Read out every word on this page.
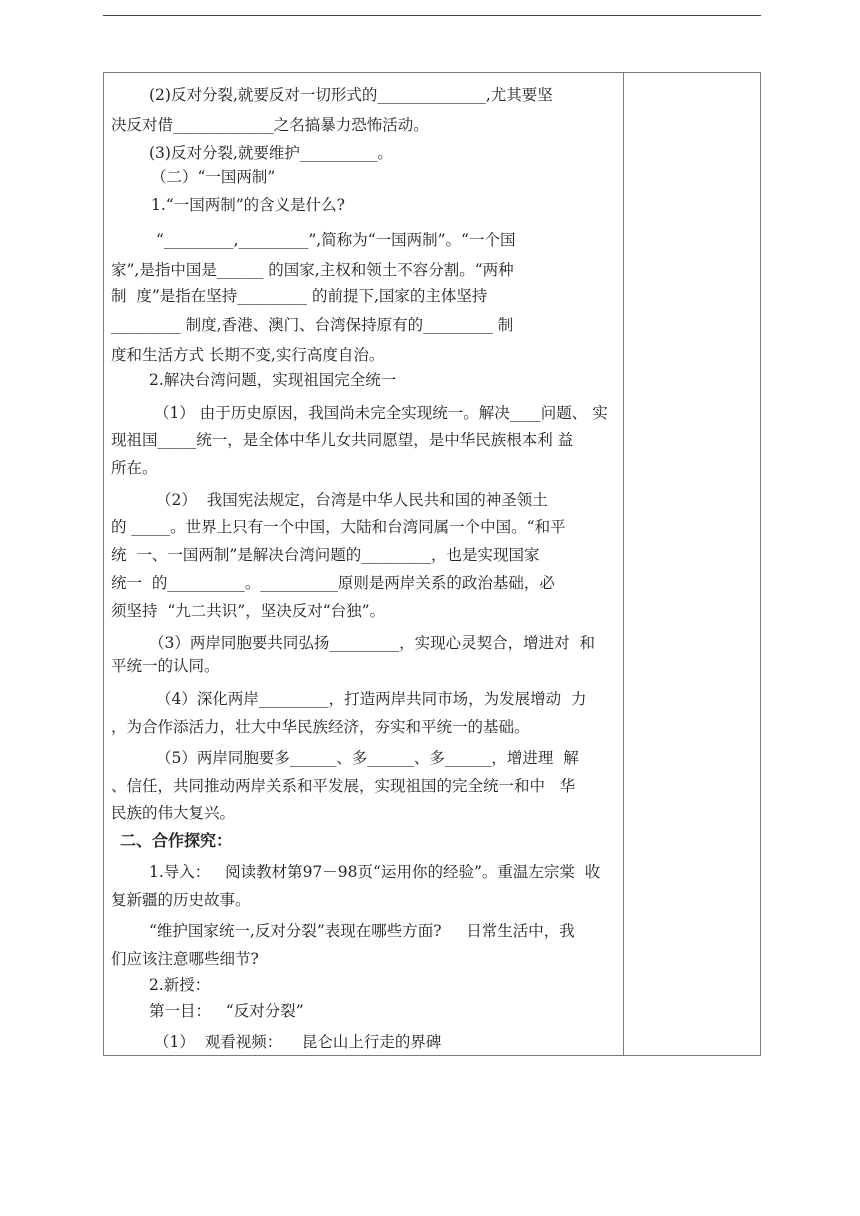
(2)反对分裂,就要反对一切形式的______________,尤其要坚
决反对借_____________之名搞暴力恐怖活动。
(3)反对分裂,就要维护__________。
（二）“一国两制”
1.“一国两制”的含义是什么?
“_________,_________”,简称为“一国两制”。“一个国
家”,是指中国是______ 的国家,主权和领土不容分割。“两种
制  度”是指在坚持_________ 的前提下,国家的主体坚持
_________ 制度,香港、澳门、台湾保持原有的_________ 制
度和生活方式 长期不变,实行高度自治。
2.解决台湾问题，实现祖国完全统一
（1） 由于历史原因，我国尚未完全实现统一。解决____问题、 实
现祖国_____统一，是全体中华儿女共同愿望，是中华民族根本利 益
所在。
（2）  我国宪法规定，台湾是中华人民共和国的神圣领土
的 _____。世界上只有一个中国，大陆和台湾同属一个中国。“和平
统  一、一国两制”是解决台湾问题的_________，也是实现国家
统一  的__________。__________原则是两岸关系的政治基础，必
须坚持  “九二共识”，坚决反对“台独”。
（3）两岸同胞要共同弘扬_________，实现心灵契合，增进对  和
平统一的认同。
（4）深化两岸_________，打造两岸共同市场，为发展增动  力
，为合作添活力，壮大中华民族经济，夯实和平统一的基础。
（5）两岸同胞要多______、多______、多______，增进理  解
、信任，共同推动两岸关系和平发展，实现祖国的完全统一和中   华
民族的伟大复兴。
二、合作探究：
1.导入：   阅读教材第97－98页“运用你的经验”。重温左宗棠  收
复新疆的历史故事。
“维护国家统一,反对分裂”表现在哪些方面?     日常生活中，我
们应该注意哪些细节?
2.新授：
第一目：   “反对分裂”
（1）  观看视频：    昆仑山上行走的界碑
